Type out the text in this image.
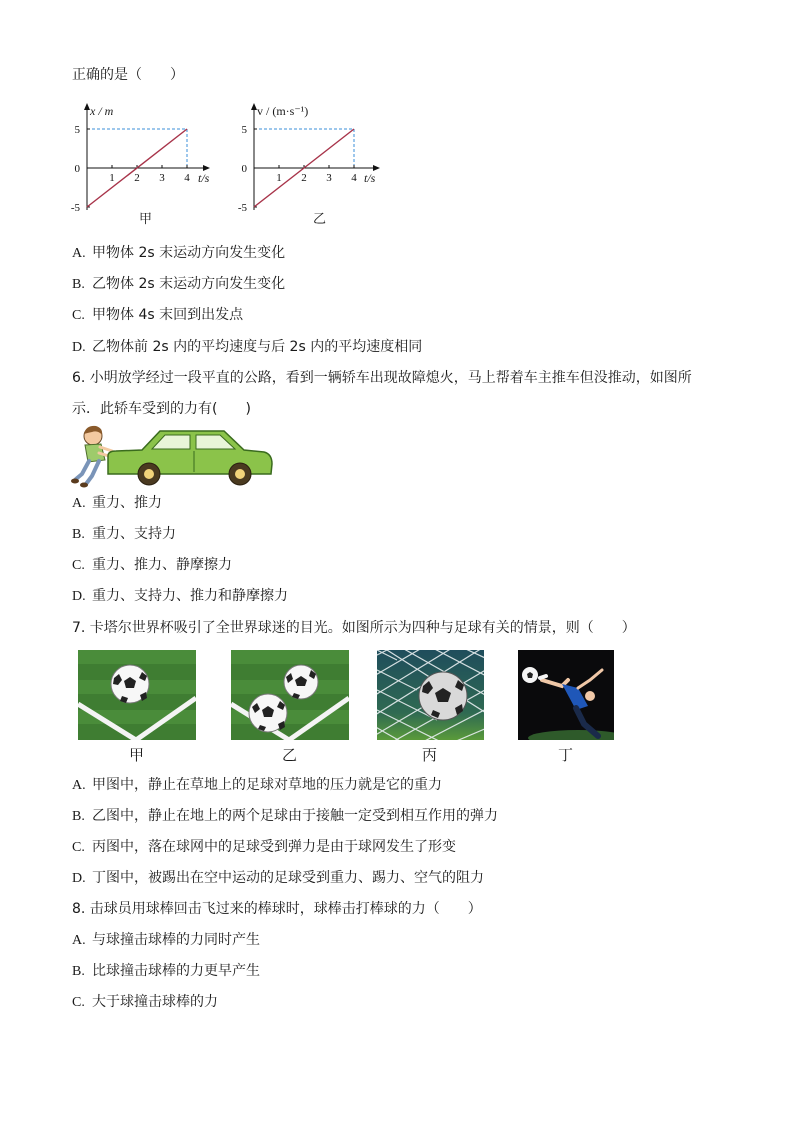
正确的是（　　）
1 2 3 4
5
0
-5
x / m
t/s
甲
1 2 3 4
5
0
-5
v / (m·s⁻¹)
t/s
乙
A. 甲物体 2s 末运动方向发生变化
B. 乙物体 2s 末运动方向发生变化
C. 甲物体 4s 末回到出发点
D. 乙物体前 2s 内的平均速度与后 2s 内的平均速度相同
6. 小明放学经过一段平直的公路，看到一辆轿车出现故障熄火，马上帮着车主推车但没推动，如图所
示．此轿车受到的力有(　　)
A. 重力、推力
B. 重力、支持力
C. 重力、推力、静摩擦力
D. 重力、支持力、推力和静摩擦力
7. 卡塔尔世界杯吸引了全世界球迷的目光。如图所示为四种与足球有关的情景，则（　　）
甲	乙	丙	丁
A. 甲图中，静止在草地上的足球对草地的压力就是它的重力
B. 乙图中，静止在地上的两个足球由于接触一定受到相互作用的弹力
C. 丙图中，落在球网中的足球受到弹力是由于球网发生了形变
D. 丁图中，被踢出在空中运动的足球受到重力、踢力、空气的阻力
8. 击球员用球棒回击飞过来的棒球时，球棒击打棒球的力（　　）
A. 与球撞击球棒的力同时产生
B. 比球撞击球棒的力更早产生
C. 大于球撞击球棒的力
